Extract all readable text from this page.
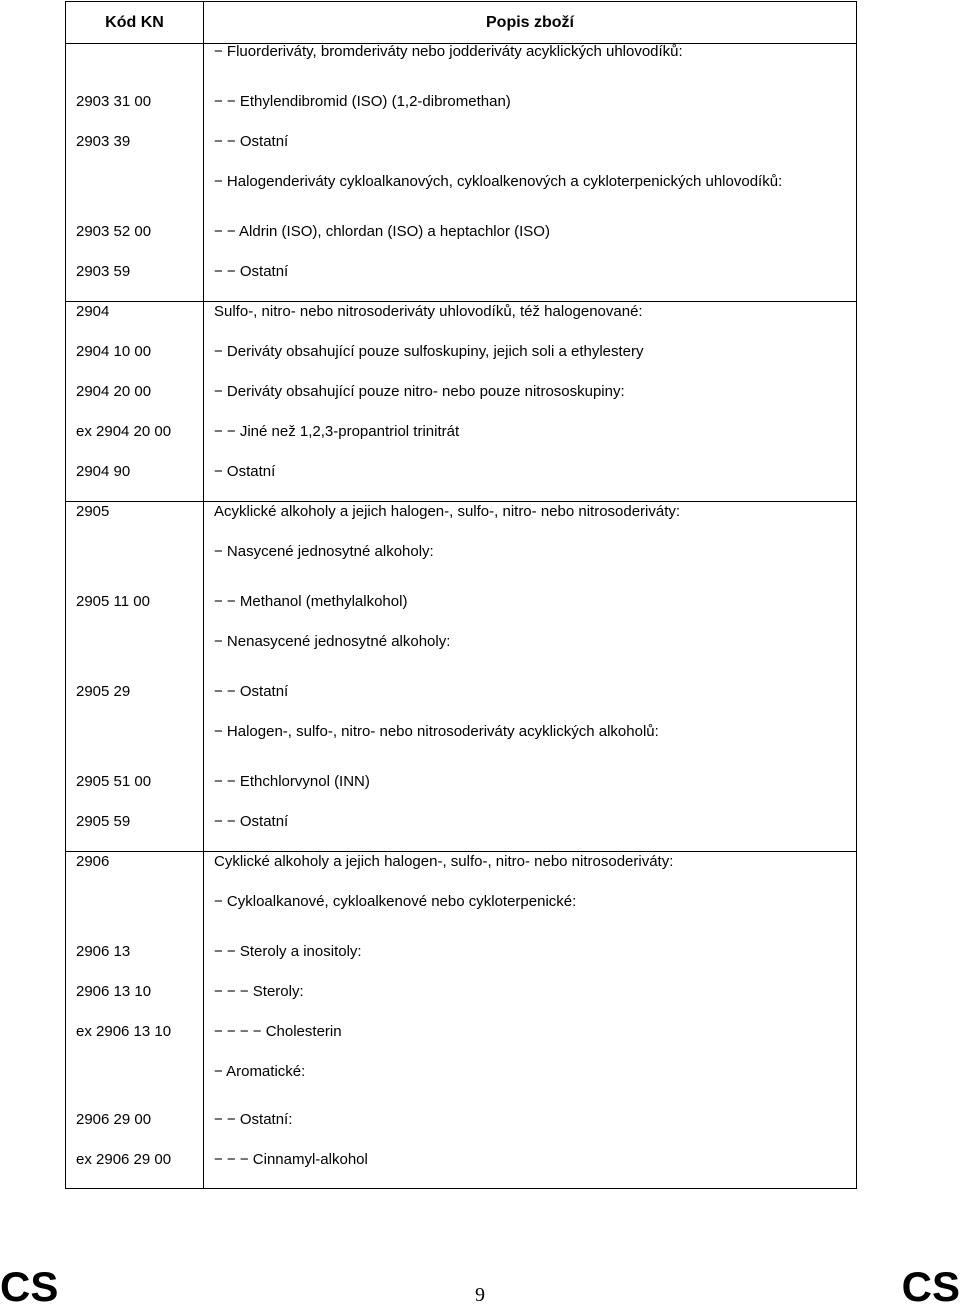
Kód KN	Popis zboží
− Fluorderiváty, bromderiváty nebo jodderiváty acyklických uhlovodíků:
2903 31 00	− − Ethylendibromid (ISO) (1,2-dibromethan)
2903 39	− − Ostatní
− Halogenderiváty cykloalkanových, cykloalkenových a cykloterpenických uhlovodíků:
2903 52 00	− − Aldrin (ISO), chlordan (ISO) a heptachlor (ISO)
2903 59	− − Ostatní
2904	Sulfo-, nitro- nebo nitrosoderiváty uhlovodíků, též halogenované:
2904 10 00	− Deriváty obsahující pouze sulfoskupiny, jejich soli a ethylestery
2904 20 00	− Deriváty obsahující pouze nitro- nebo pouze nitrososkupiny:
ex 2904 20 00	− − Jiné než 1,2,3-propantriol trinitrát
2904 90	− Ostatní
2905	Acyklické alkoholy a jejich halogen-, sulfo-, nitro- nebo nitrosoderiváty:
− Nasycené jednosytné alkoholy:
2905 11 00	− − Methanol (methylalkohol)
− Nenasycené jednosytné alkoholy:
2905 29	− − Ostatní
− Halogen-, sulfo-, nitro- nebo nitrosoderiváty acyklických alkoholů:
2905 51 00	− − Ethchlorvynol (INN)
2905 59	− − Ostatní
2906	Cyklické alkoholy a jejich halogen-, sulfo-, nitro- nebo nitrosoderiváty:
− Cykloalkanové, cykloalkenové nebo cykloterpenické:
2906 13	− − Steroly a inositoly:
2906 13 10	− − − Steroly:
ex 2906 13 10	− − − − Cholesterin
− Aromatické:
2906 29 00	− − Ostatní:
ex 2906 29 00	− − − Cinnamyl-alkohol
CS	9	CS
